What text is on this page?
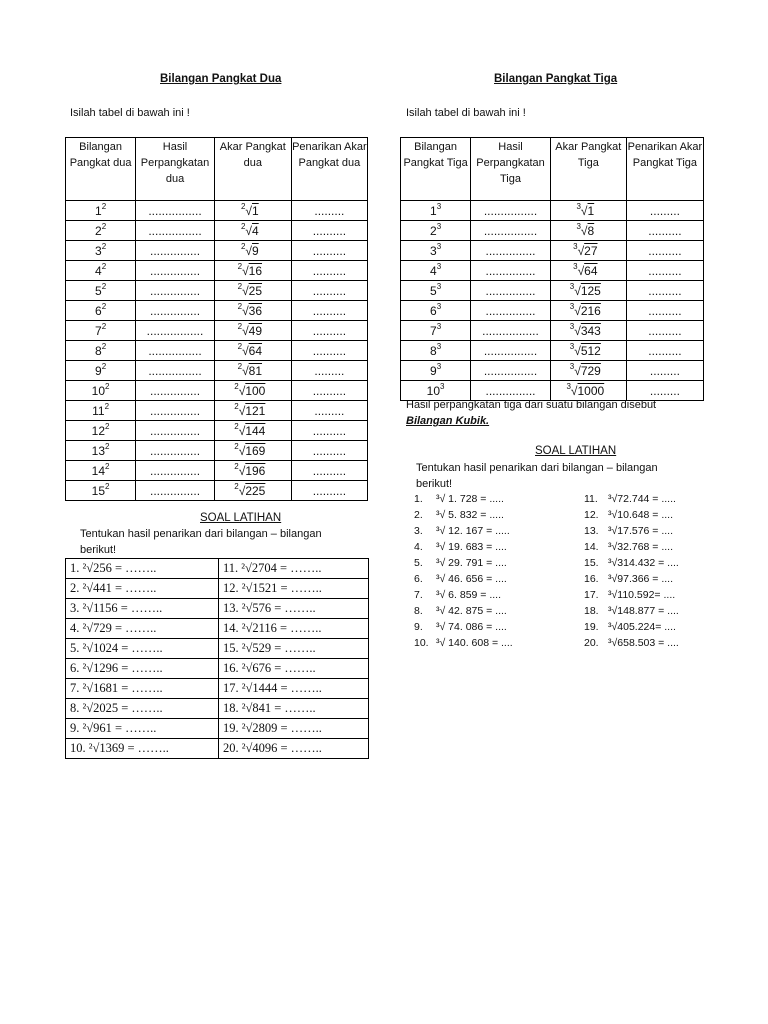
Bilangan Pangkat Dua
Isilah tabel di bawah ini !
Bilangan Pangkat dua	Hasil Perpangkatan dua	Akar Pangkat dua	Penarikan Akar Pangkat dua
$1^2$	................	$^2$√1	.........
$2^2$	................	$^2$√4	..........
$3^2$	...............	$^2$√9	..........
$4^2$	...............	$^2$√16	..........
$5^2$	...............	$^2$√25	..........
$6^2$	...............	$^2$√36	..........
$7^2$	.................	$^2$√49	..........
$8^2$	................	$^2$√64	..........
$9^2$	................	$^2$√81	.........
$10^2$	...............	$^2$√100	..........
$11^2$	...............	$^2$√121	.........
$12^2$	...............	$^2$√144	..........
$13^2$	...............	$^2$√169	..........
$14^2$	...............	$^2$√196	..........
$15^2$	...............	$^2$√225	..........
SOAL LATIHAN
Tentukan hasil penarikan dari bilangan – bilangan berikut!
1. ²√256 = ……..	11. ²√2704 = ……..
2. ²√441 = ……..	12. ²√1521 = ……..
3. ²√1156 = ……..	13. ²√576 = ……..
4. ²√729 = ……..	14. ²√2116 = ……..
5. ²√1024 = ……..	15. ²√529 = ……..
6. ²√1296 = ……..	16. ²√676 = ……..
7. ²√1681 = ……..	17. ²√1444 = ……..
8. ²√2025 = ……..	18. ²√841 = ……..
9. ²√961 = ……..	19. ²√2809 = ……..
10. ²√1369 = ……..	20. ²√4096 = ……..
Bilangan Pangkat Tiga
Isilah tabel di bawah ini !
Bilangan Pangkat Tiga	Hasil Perpangkatan Tiga	Akar Pangkat Tiga	Penarikan Akar Pangkat Tiga
$1^3$	................	$^3$√1	.........
$2^3$	................	$^3$√8	..........
$3^3$	...............	$^3$√27	..........
$4^3$	...............	$^3$√64	..........
$5^3$	...............	$^3$√125	..........
$6^3$	...............	$^3$√216	..........
$7^3$	.................	$^3$√343	..........
$8^3$	................	$^3$√512	..........
$9^3$	................	$^3$√729	.........
$10^3$	...............	$^3$√1000	.........
Hasil perpangkatan tiga dari suatu bilangan disebut
Bilangan Kubik.
SOAL LATIHAN
Tentukan hasil penarikan dari bilangan – bilangan berikut!
1. ³√ 1. 728 = .....
2. ³√ 5. 832 = .....
3. ³√ 12. 167 = .....
4. ³√ 19. 683 = ....
5. ³√ 29. 791 = ....
6. ³√ 46. 656 = ....
7. ³√ 6. 859 = ....
8. ³√ 42. 875 = ....
9. ³√ 74. 086 = ....
10. ³√ 140. 608 = ....
11. ³√72.744 = .....
12. ³√10.648 = ....
13. ³√17.576 = ....
14. ³√32.768 = ....
15. ³√314.432 = ....
16. ³√97.366 = ....
17. ³√110.592= ....
18. ³√148.877 = ....
19. ³√405.224= ....
20. ³√658.503 = ....
